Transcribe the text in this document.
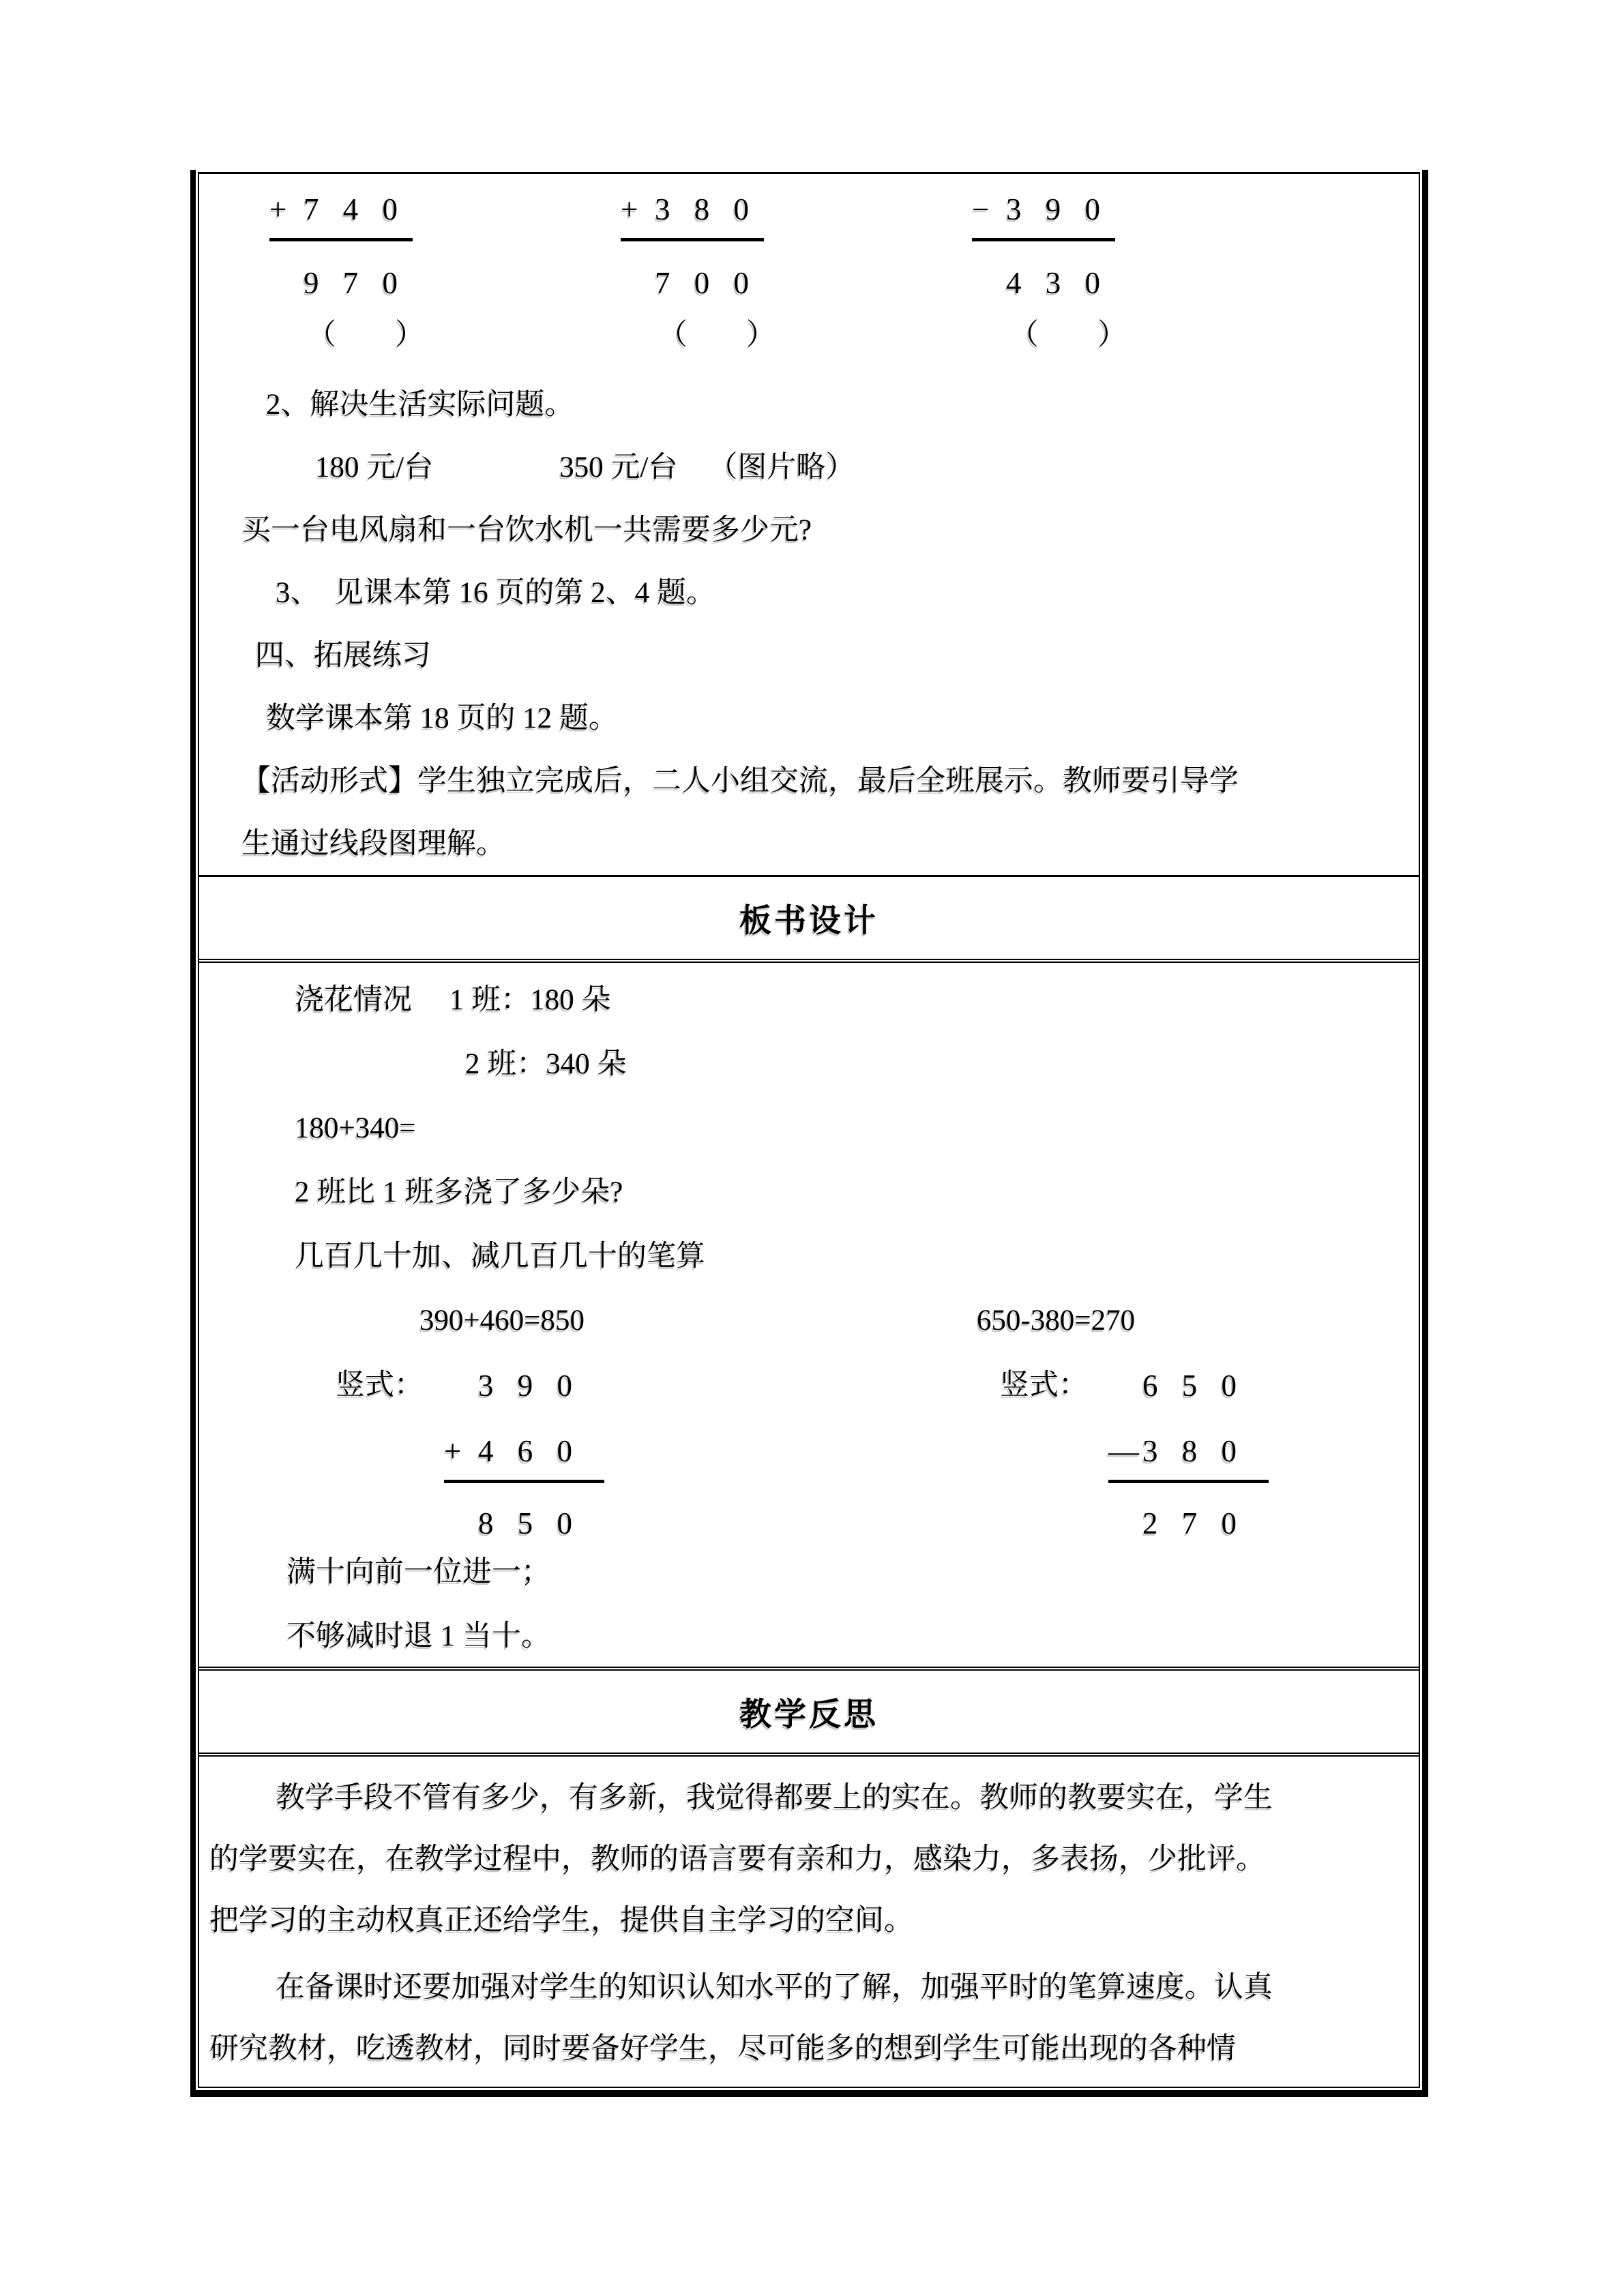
+ 7 4 0
9 7 0
（　　）
+ 3 8 0
7 0 0
（　　）
− 3 9 0
4 3 0
（　　）
2、解决生活实际问题。
180 元/台	350 元/台 （图片略）
买一台电风扇和一台饮水机一共需要多少元?
3、　见课本第 16 页的第 2、4 题。
四、拓展练习
数学课本第 18 页的 12 题。
【活动形式】学生独立完成后，二人小组交流，最后全班展示。教师要引导学
生通过线段图理解。
板书设计
浇花情况 1 班：180 朵
2 班：340 朵
180+340=
2 班比 1 班多浇了多少朵?
几百几十加、减几百几十的笔算
390+460=850	650-380=270
竖式： 3 9 0
+ 4 6 0
8 5 0
竖式： 6 5 0
— 3 8 0
2 7 0
满十向前一位进一；
不够减时退 1 当十。
教学反思
教学手段不管有多少，有多新，我觉得都要上的实在。教师的教要实在，学生
的学要实在，在教学过程中，教师的语言要有亲和力，感染力，多表扬，少批评。
把学习的主动权真正还给学生，提供自主学习的空间。
在备课时还要加强对学生的知识认知水平的了解，加强平时的笔算速度。认真
研究教材，吃透教材，同时要备好学生，尽可能多的想到学生可能出现的各种情
